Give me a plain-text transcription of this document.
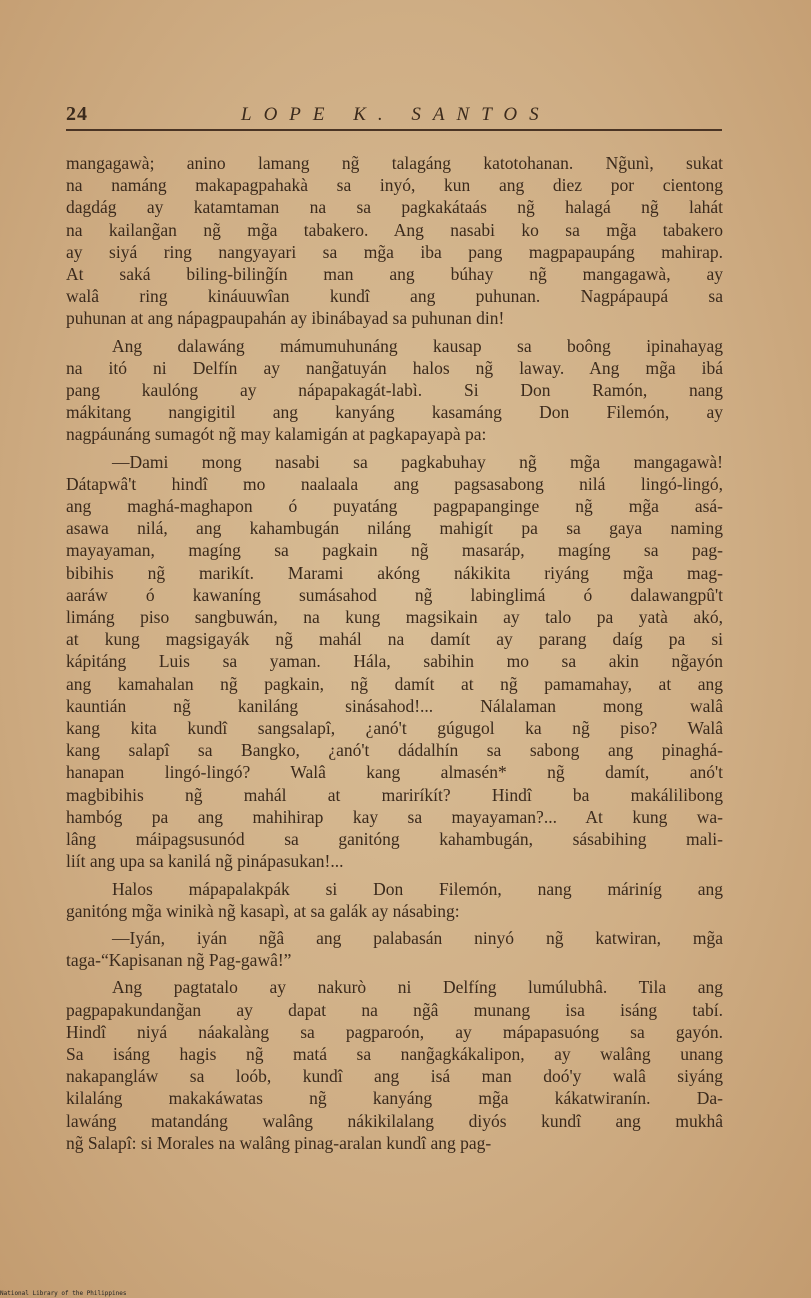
24	LOPE K. SANTOS
mangagawà; anino lamang ng̃ talagáng katotohanan. Ng̃unì, sukat
na namáng makapagpahakà sa inyó, kun ang diez por cientong
dagdág ay katamtaman na sa pagkakátaás ng̃ halagá ng̃ lahát
na kailang̃an ng̃ mg̃a tabakero. Ang nasabi ko sa mg̃a tabakero
ay siyá ring nangyayari sa mg̃a iba pang magpapaupáng mahirap.
At saká biling-biling̃ín man ang búhay ng̃ mangagawà, ay
walâ ring kináuuwîan kundî ang puhunan. Nagpápaupá sa
puhunan at ang nápagpaupahán ay ibinábayad sa puhunan din!
Ang dalawáng mámumuhunáng kausap sa boông ipinahayag
na itó ni Delfín ay nang̃atuyán halos ng̃ laway. Ang mg̃a ibá
pang kaulóng ay nápapakagát-labì. Si Don Ramón, nang
mákitang nangigitil ang kanyáng kasamáng Don Filemón, ay
nagpáunáng sumagót ng̃ may kalamigán at pagkapayapà pa:
—Dami mong nasabi sa pagkabuhay ng̃ mg̃a mangagawà!
Dátapwâ't hindî mo naalaala ang pagsasabong nilá lingó-lingó,
ang maghá-maghapon ó puyatáng pagpapanginge ng̃ mg̃a asá-
asawa nilá, ang kahambugán niláng mahigít pa sa gaya naming
mayayaman, magíng sa pagkain ng̃ masaráp, magíng sa pag-
bibihis ng̃ marikít. Marami akóng nákikita riyáng mg̃a mag-
aaráw ó kawaníng sumásahod ng̃ labinglimá ó dalawangpû't
limáng piso sangbuwán, na kung magsikain ay talo pa yatà akó,
at kung magsigayák ng̃ mahál na damít ay parang daíg pa si
kápitáng Luis sa yaman. Hála, sabihin mo sa akin ng̃ayón
ang kamahalan ng̃ pagkain, ng̃ damít at ng̃ pamamahay, at ang
kauntián ng̃ kaniláng sinásahod!... Nálalaman mong walâ
kang kita kundî sangsalapî, ¿anó't gúgugol ka ng̃ piso? Walâ
kang salapî sa Bangko, ¿anó't dádalhín sa sabong ang pinaghá-
hanapan lingó-lingó? Walâ kang almasén* ng̃ damít, anó't
magbibihis ng̃ mahál at mariríkít? Hindî ba makálilibong
hambóg pa ang mahihirap kay sa mayayaman?... At kung wa-
lâng máipagsusunód sa ganitóng kahambugán, sásabihing mali-
liít ang upa sa kanilá ng̃ pinápasukan!...
Halos mápapalakpák si Don Filemón, nang máriníg ang
ganitóng mg̃a winikà ng̃ kasapì, at sa galák ay násabing:
—Iyán, iyán ng̃â ang palabasán ninyó ng̃ katwiran, mg̃a
taga-“Kapisanan ng̃ Pag-gawâ!”
Ang pagtatalo ay nakurò ni Delfíng lumúlubhâ. Tila ang
pagpapakundang̃an ay dapat na ng̃â munang isa isáng tabí.
Hindî niyá náakalàng sa pagparoón, ay mápapasuóng sa gayón.
Sa isáng hagis ng̃ matá sa nang̃agkákalipon, ay walâng unang
nakapangláw sa loób, kundî ang isá man doó'y walâ siyáng
kilaláng makakáwatas ng̃ kanyáng mg̃a kákatwiranín. Da-
lawáng matandáng walâng nákikilalang diyós kundî ang mukhâ
ng̃ Salapî: si Morales na walâng pinag-aralan kundî ang pag-
National Library of the Philippines
